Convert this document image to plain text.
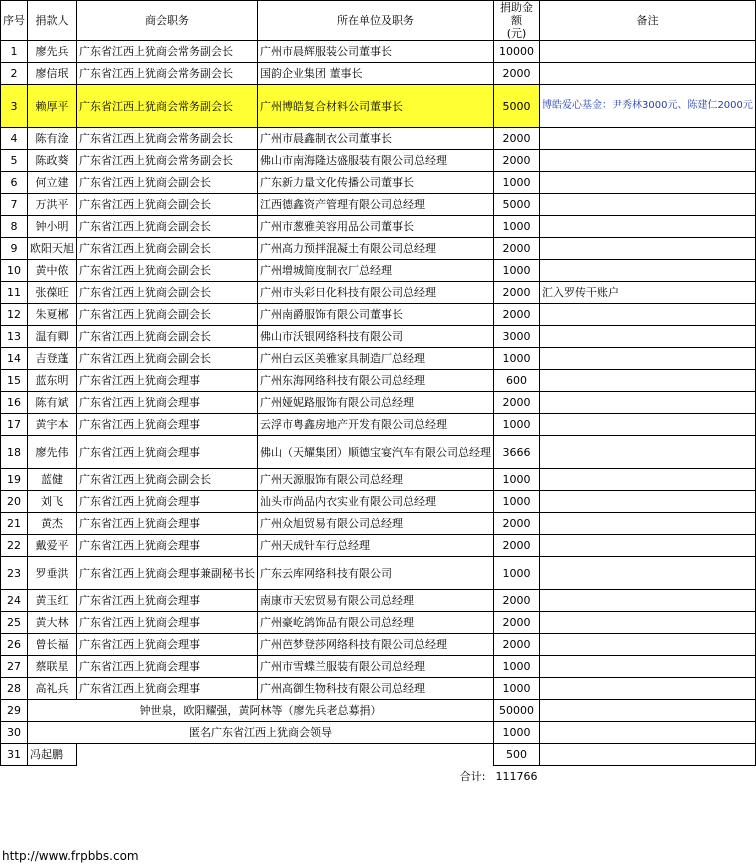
序号	捐款人	商会职务	所在单位及职务	捐助金额
(元)	备注
1	廖先兵	广东省江西上犹商会常务副会长	广州市晨辉服装公司董事长	10000	
2	廖信珉	广东省江西上犹商会常务副会长	国韵企业集团 董事长	2000	
3	赖厚平	广东省江西上犹商会常务副会长	广州博皓复合材料公司董事长	5000	博皓爱心基金：尹秀林3000元、陈建仁2000元
4	陈有淦	广东省江西上犹商会常务副会长	广州市晨鑫制衣公司董事长	2000	
5	陈政葵	广东省江西上犹商会常务副会长	佛山市南海隆达盛服装有限公司总经理	2000	
6	何立建	广东省江西上犹商会副会长	广东新力量文化传播公司董事长	1000	
7	万洪平	广东省江西上犹商会副会长	江西德鑫资产管理有限公司总经理	5000	
8	钟小明	广东省江西上犹商会副会长	广州市葱雅美容用品公司董事长	1000	
9	欧阳天旭	广东省江西上犹商会副会长	广州高力预拌混凝土有限公司总经理	2000	
10	黄中侬	广东省江西上犹商会副会长	广州增城简度制衣厂总经理	1000	
11	张葆旺	广东省江西上犹商会副会长	广州市头彩日化科技有限公司总经理	2000	汇入罗传干账户
12	朱夏郴	广东省江西上犹商会副会长	广州南爵服饰有限公司董事长	2000	
13	温有卿	广东省江西上犹商会副会长	佛山市沃银网络科技有限公司	3000	
14	吉登蓬	广东省江西上犹商会副会长	广州白云区美雅家具制造厂总经理	1000	
15	蓝东明	广东省江西上犹商会理事	广州东海网络科技有限公司总经理	600	
16	陈有斌	广东省江西上犹商会理事	广州娅妮路服饰有限公司总经理	2000	
17	黄宇本	广东省江西上犹商会理事	云浮市粤鑫房地产开发有限公司总经理	1000	
18	廖先伟	广东省江西上犹商会理事	佛山（天耀集团）顺德宝宴汽车有限公司总经理	3666	
19	蓝健	广东省江西上犹商会副会长	广州天源服饰有限公司总经理	1000	
20	刘飞	广东省江西上犹商会理事	汕头市尚品内衣实业有限公司总经理	1000	
21	黄杰	广东省江西上犹商会理事	广州众旭贸易有限公司总经理	2000	
22	戴爱平	广东省江西上犹商会理事	广州天成针车行总经理	2000	
23	罗垂洪	广东省江西上犹商会理事兼副秘书长	广东云库网络科技有限公司	1000	
24	黄玉红	广东省江西上犹商会理事	南康市天宏贸易有限公司总经理	2000	
25	黄大林	广东省江西上犹商会理事	广州豪屹鸽饰品有限公司总经理	2000	
26	曾长福	广东省江西上犹商会理事	广州芭梦登莎网络科技有限公司总经理	2000	
27	蔡联星	广东省江西上犹商会理事	广州市雪蝶兰服装有限公司总经理	1000	
28	高礼兵	广东省江西上犹商会理事	广州高御生物科技有限公司总经理	1000	
29	钟世泉，欧阳耀强，黄阿林等（廖先兵老总募捐）			50000	
30	匿名广东省江西上犹商会领导			1000	
31	冯起鹏			500	
合计:				111766	
http://www.frpbbs.com
